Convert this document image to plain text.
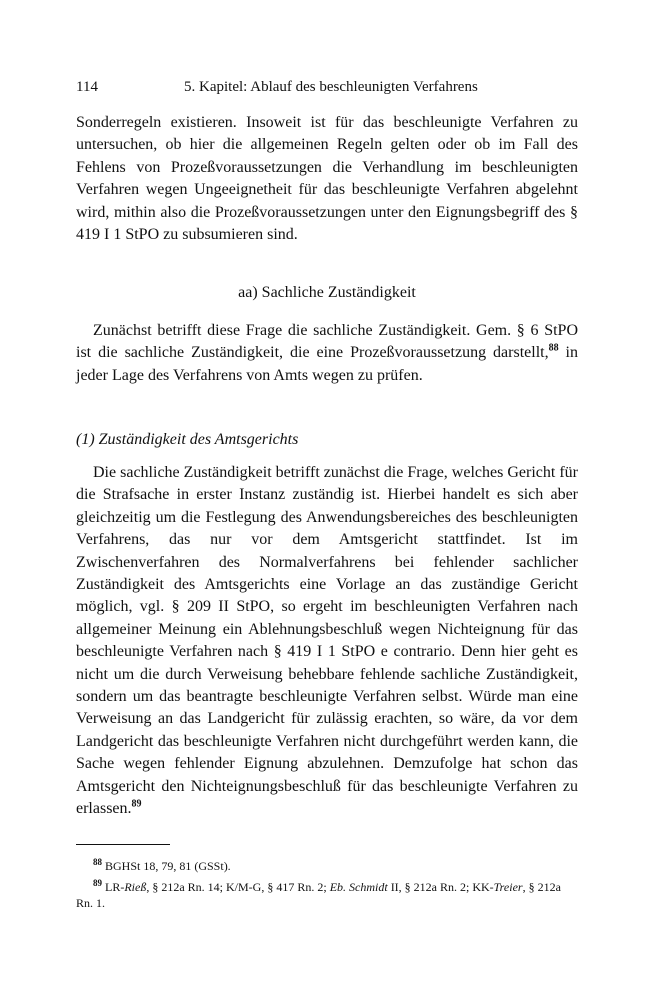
114	5. Kapitel: Ablauf des beschleunigten Verfahrens

Sonderregeln existieren. Insoweit ist für das beschleunigte Verfahren zu untersuchen, ob hier die allgemeinen Regeln gelten oder ob im Fall des Fehlens von Prozeßvoraussetzungen die Verhandlung im beschleunigten Verfahren wegen Ungeeignetheit für das beschleunigte Verfahren abgelehnt wird, mithin also die Prozeßvoraussetzungen unter den Eignungsbegriff des § 419 I 1 StPO zu subsumieren sind.

aa) Sachliche Zuständigkeit

Zunächst betrifft diese Frage die sachliche Zuständigkeit. Gem. § 6 StPO ist die sachliche Zuständigkeit, die eine Prozeßvoraussetzung darstellt,$^{88}$ in jeder Lage des Verfahrens von Amts wegen zu prüfen.

(1) Zuständigkeit des Amtsgerichts

Die sachliche Zuständigkeit betrifft zunächst die Frage, welches Gericht für die Strafsache in erster Instanz zuständig ist. Hierbei handelt es sich aber gleichzeitig um die Festlegung des Anwendungsbereiches des beschleunigten Verfahrens, das nur vor dem Amtsgericht stattfindet. Ist im Zwischenverfahren des Normalverfahrens bei fehlender sachlicher Zuständigkeit des Amtsgerichts eine Vorlage an das zuständige Gericht möglich, vgl. § 209 II StPO, so ergeht im beschleunigten Verfahren nach allgemeiner Meinung ein Ablehnungsbeschluß wegen Nichteignung für das beschleunigte Verfahren nach § 419 I 1 StPO e contrario. Denn hier geht es nicht um die durch Verweisung behebbare fehlende sachliche Zuständigkeit, sondern um das beantragte beschleunigte Verfahren selbst. Würde man eine Verweisung an das Landgericht für zulässig erachten, so wäre, da vor dem Landgericht das beschleunigte Verfahren nicht durchgeführt werden kann, die Sache wegen fehlender Eignung abzulehnen. Demzufolge hat schon das Amtsgericht den Nichteignungsbeschluß für das beschleunigte Verfahren zu erlassen.$^{89}$

$^{88}$ BGHSt 18, 79, 81 (GSSt).

$^{89}$ LR-Rieß, § 212a Rn. 14; K/M-G, § 417 Rn. 2; Eb. Schmidt II, § 212a Rn. 2; KK-Treier, § 212a Rn. 1.
